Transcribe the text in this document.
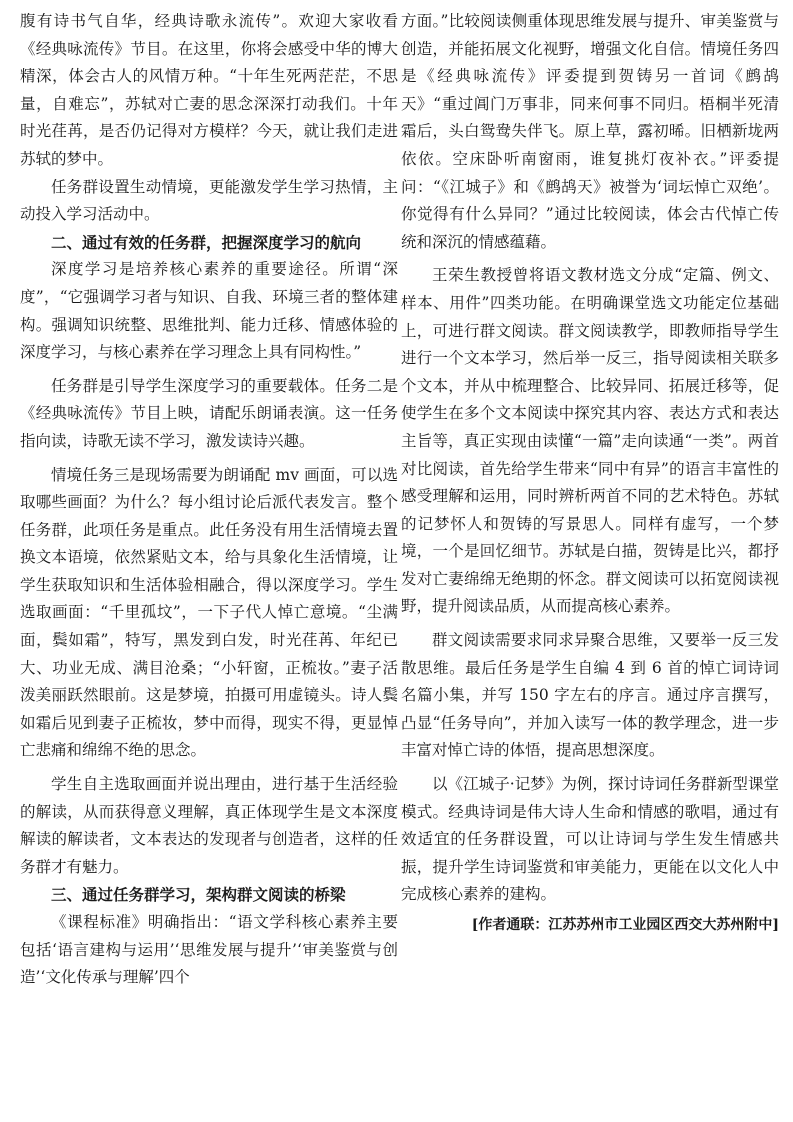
腹有诗书气自华，经典诗歌永流传”。欢迎大家收看《经典咏流传》节目。在这里，你将会感受中华的博大精深，体会古人的风情万种。“十年生死两茫茫，不思量，自难忘”，苏轼对亡妻的思念深深打动我们。十年时光荏苒，是否仍记得对方模样？今天，就让我们走进苏轼的梦中。

任务群设置生动情境，更能激发学生学习热情，主动投入学习活动中。

二、通过有效的任务群，把握深度学习的航向

深度学习是培养核心素养的重要途径。所谓“深度”，“它强调学习者与知识、自我、环境三者的整体建构。强调知识统整、思维批判、能力迁移、情感体验的深度学习，与核心素养在学习理念上具有同构性。”

任务群是引导学生深度学习的重要载体。任务二是《经典咏流传》节目上映，请配乐朗诵表演。这一任务指向读，诗歌无读不学习，激发读诗兴趣。

情境任务三是现场需要为朗诵配 mv 画面，可以选取哪些画面？为什么？每小组讨论后派代表发言。整个任务群，此项任务是重点。此任务没有用生活情境去置换文本语境，依然紧贴文本，给与具象化生活情境，让学生获取知识和生活体验相融合，得以深度学习。学生选取画面：“千里孤坟”，一下子代人悼亡意境。“尘满面，鬓如霜”，特写，黑发到白发，时光荏苒、年纪已大、功业无成、满目沧桑；“小轩窗，正梳妆。”妻子活泼美丽跃然眼前。这是梦境，拍摄可用虚镜头。诗人鬓如霜后见到妻子正梳妆，梦中而得，现实不得，更显悼亡悲痛和绵绵不绝的思念。

学生自主选取画面并说出理由，进行基于生活经验的解读，从而获得意义理解，真正体现学生是文本深度解读的解读者，文本表达的发现者与创造者，这样的任务群才有魅力。

三、通过任务群学习，架构群文阅读的桥梁

《课程标准》明确指出：“语文学科核心素养主要包括‘语言建构与运用’‘思维发展与提升’‘审美鉴赏与创造’‘文化传承与理解’四个

方面。”比较阅读侧重体现思维发展与提升、审美鉴赏与创造，并能拓展文化视野，增强文化自信。情境任务四是《经典咏流传》评委提到贺铸另一首词《鹧鸪天》“重过阊门万事非，同来何事不同归。梧桐半死清霜后，头白鸳鸯失伴飞。原上草，露初晞。旧栖新垅两依依。空床卧听南窗雨，谁复挑灯夜补衣。”评委提问：“《江城子》和《鹧鸪天》被誉为‘词坛悼亡双绝’。你觉得有什么异同？”通过比较阅读，体会古代悼亡传统和深沉的情感蕴藉。

王荣生教授曾将语文教材选文分成“定篇、例文、样本、用件”四类功能。在明确课堂选文功能定位基础上，可进行群文阅读。群文阅读教学，即教师指导学生进行一个文本学习，然后举一反三，指导阅读相关联多个文本，并从中梳理整合、比较异同、拓展迁移等，促使学生在多个文本阅读中探究其内容、表达方式和表达主旨等，真正实现由读懂“一篇”走向读通“一类”。两首对比阅读，首先给学生带来“同中有异”的语言丰富性的感受理解和运用，同时辨析两首不同的艺术特色。苏轼的记梦怀人和贺铸的写景思人。同样有虚写，一个梦境，一个是回忆细节。苏轼是白描，贺铸是比兴，都抒发对亡妻绵绵无绝期的怀念。群文阅读可以拓宽阅读视野，提升阅读品质，从而提高核心素养。

群文阅读需要求同求异聚合思维，又要举一反三发散思维。最后任务是学生自编 4 到 6 首的悼亡词诗词名篇小集，并写 150 字左右的序言。通过序言撰写，凸显“任务导向”，并加入读写一体的教学理念，进一步丰富对悼亡诗的体悟，提高思想深度。

以《江城子·记梦》为例，探讨诗词任务群新型课堂模式。经典诗词是伟大诗人生命和情感的歌唱，通过有效适宜的任务群设置，可以让诗词与学生发生情感共振，提升学生诗词鉴赏和审美能力，更能在以文化人中完成核心素养的建构。

[作者通联：江苏苏州市工业园区西交大苏州附中]
